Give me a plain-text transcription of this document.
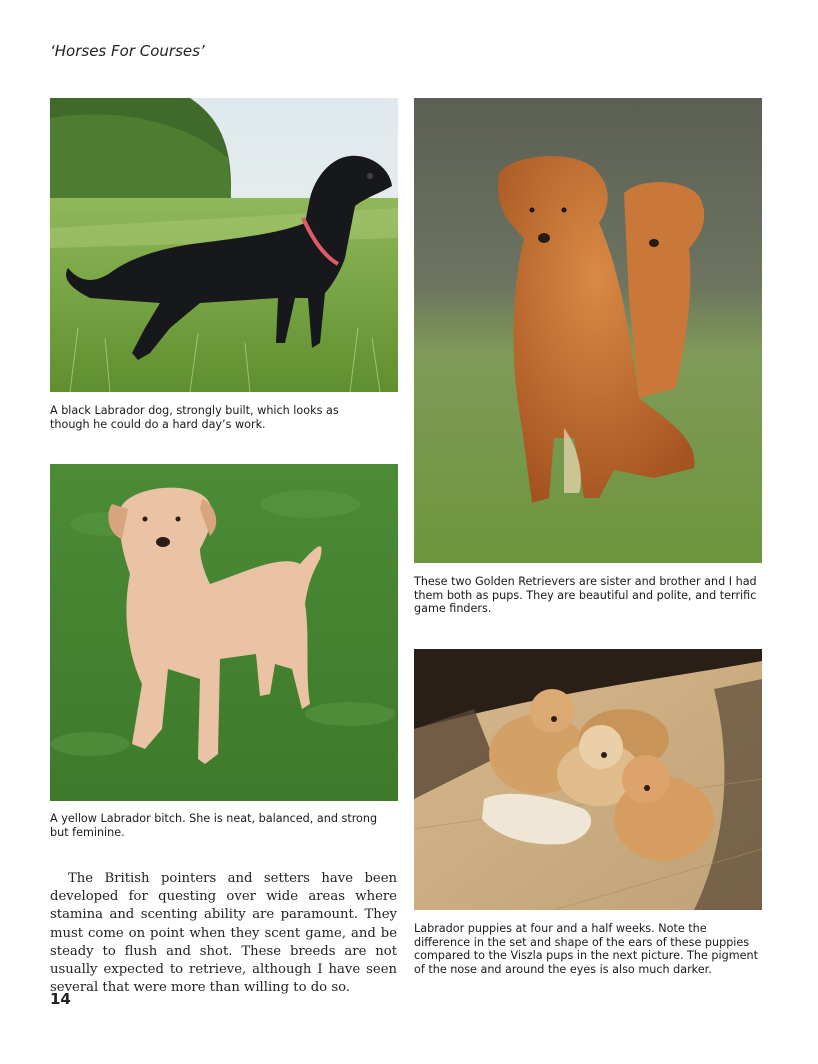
‘Horses For Courses’
A black Labrador dog, strongly built, which looks as though he could do a hard day’s work.
These two Golden Retrievers are sister and brother and I had them both as pups. They are beautiful and polite, and terrific game finders.
A yellow Labrador bitch. She is neat, balanced, and strong but feminine.
Labrador puppies at four and a half weeks. Note the difference in the set and shape of the ears of these puppies compared to the Viszla pups in the next picture. The pigment of the nose and around the eyes is also much darker.
The British pointers and setters have been developed for questing over wide areas where stamina and scenting ability are paramount. They must come on point when they scent game, and be steady to flush and shot. These breeds are not usually expected to retrieve, although I have seen several that were more than willing to do so.
14
